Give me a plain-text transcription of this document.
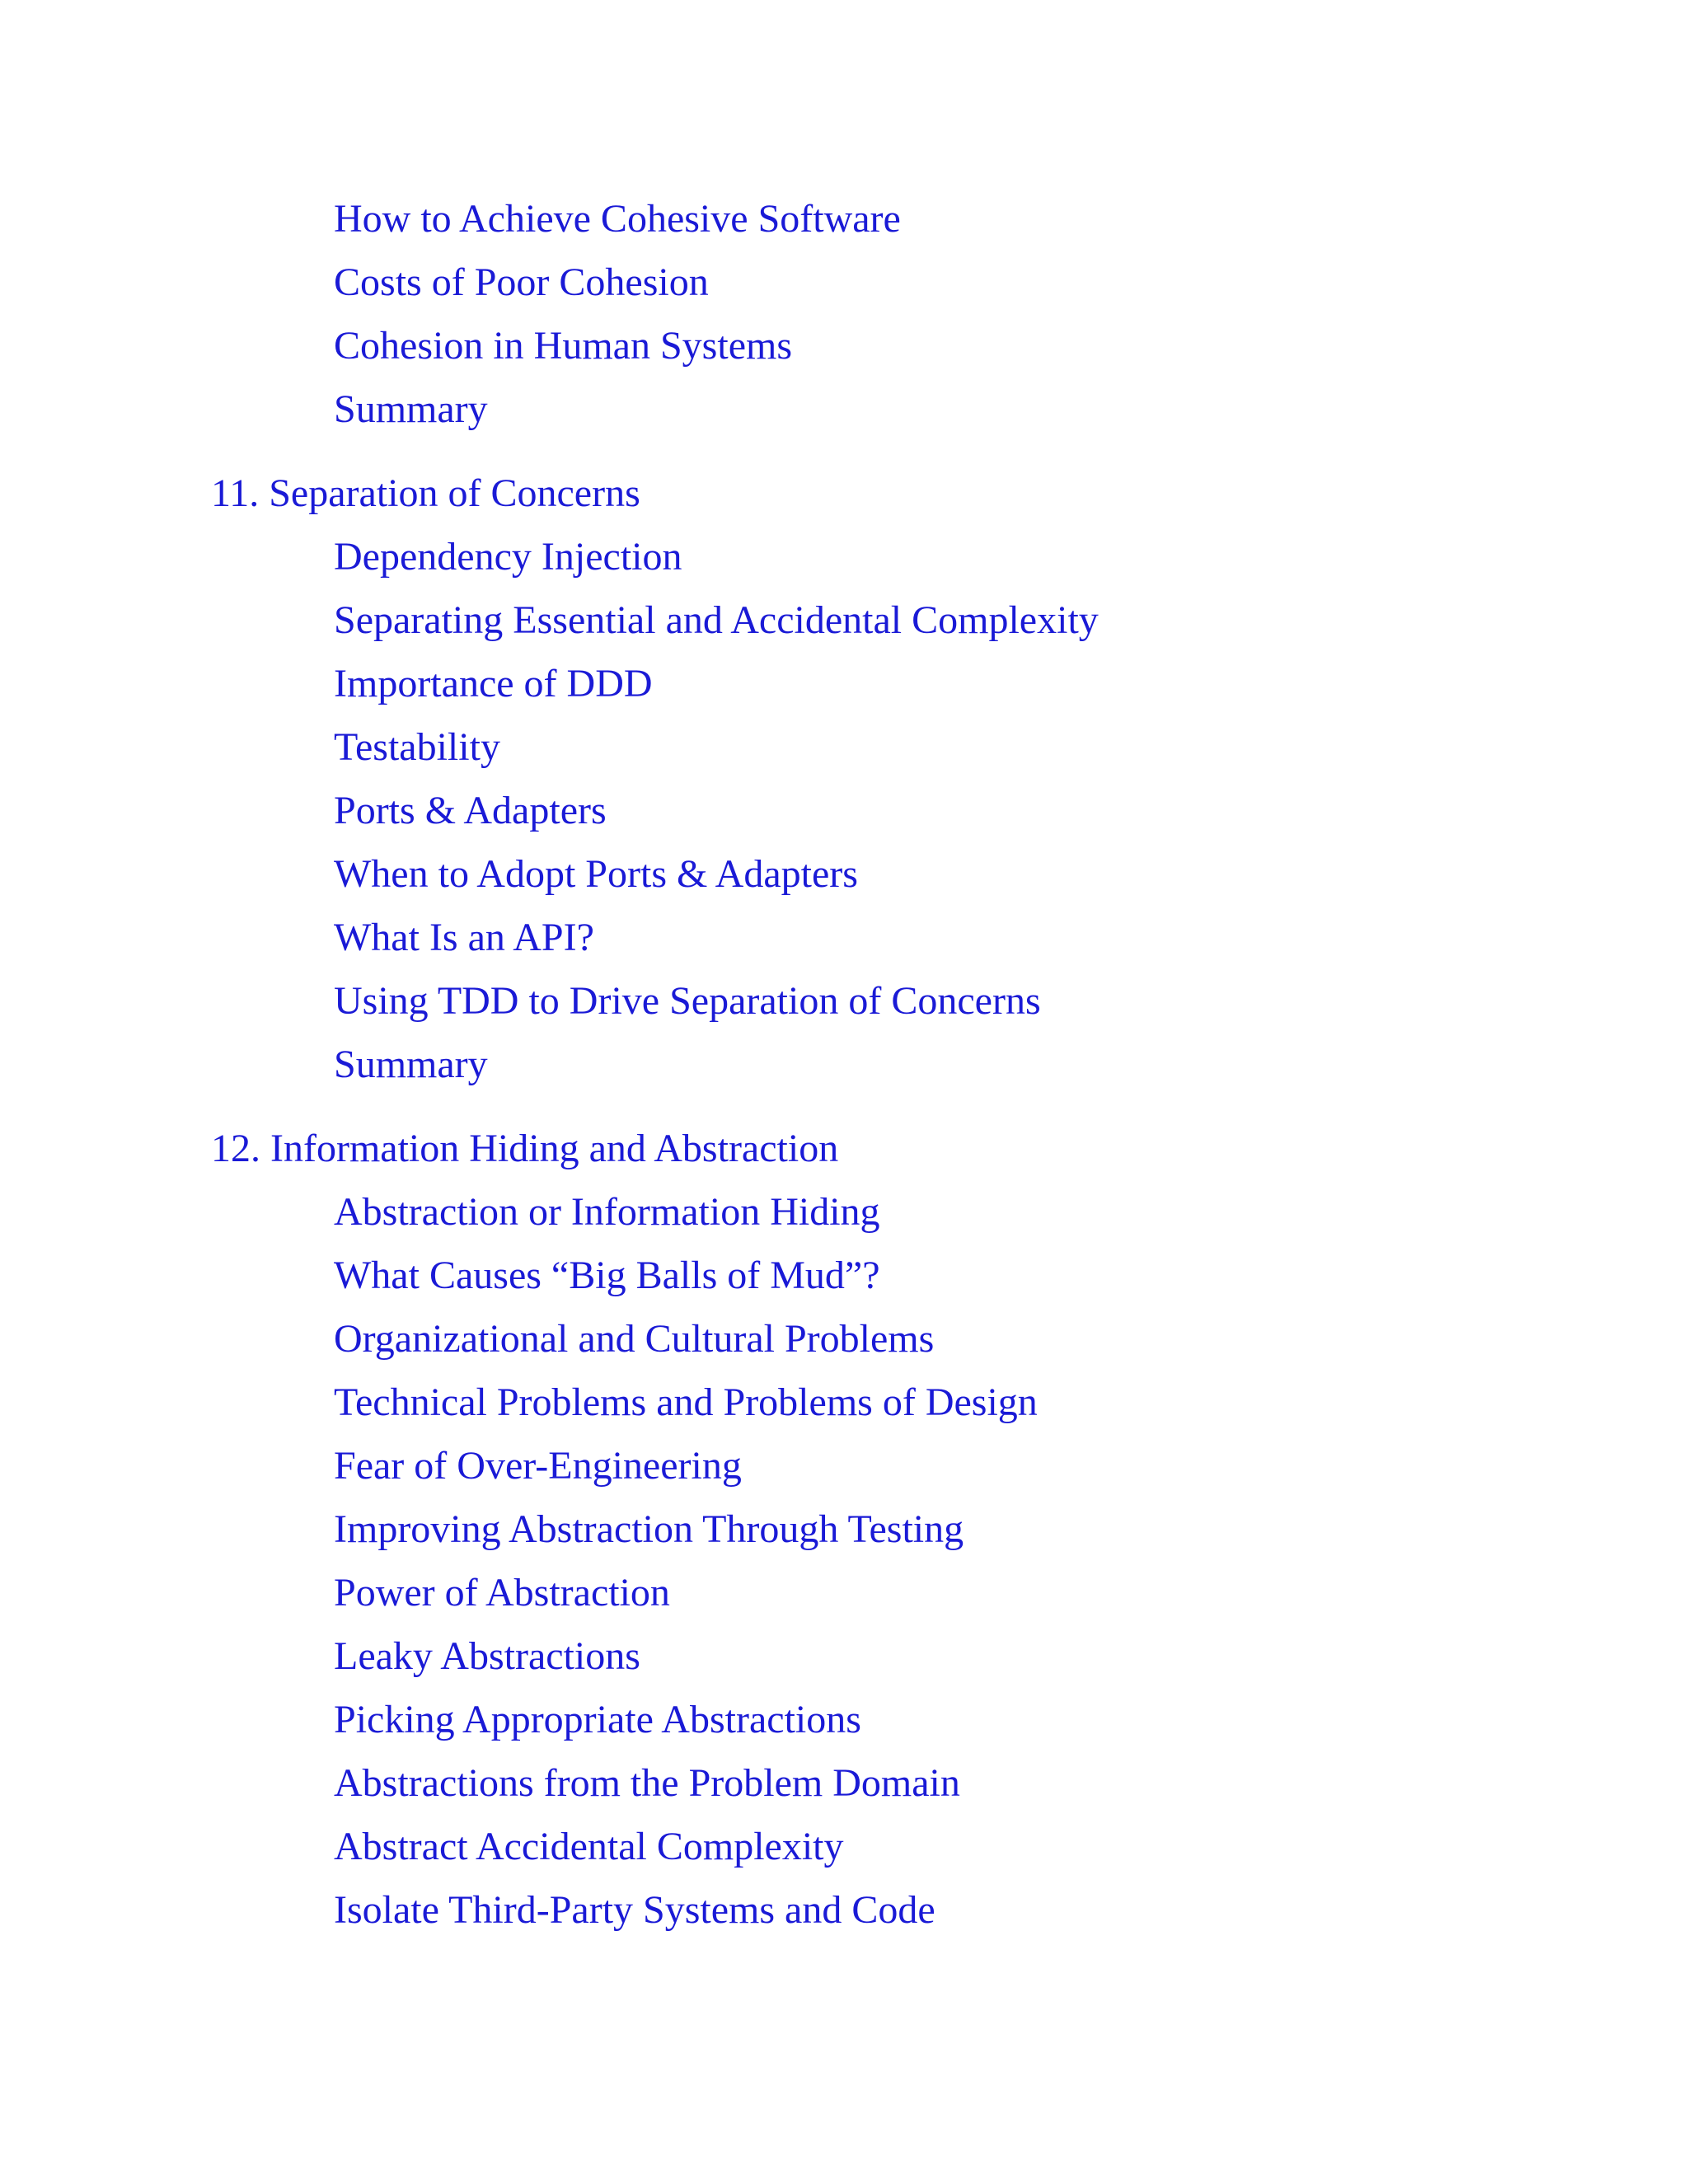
How to Achieve Cohesive Software
Costs of Poor Cohesion
Cohesion in Human Systems
Summary
11. Separation of Concerns
Dependency Injection
Separating Essential and Accidental Complexity
Importance of DDD
Testability
Ports & Adapters
When to Adopt Ports & Adapters
What Is an API?
Using TDD to Drive Separation of Concerns
Summary
12. Information Hiding and Abstraction
Abstraction or Information Hiding
What Causes “Big Balls of Mud”?
Organizational and Cultural Problems
Technical Problems and Problems of Design
Fear of Over-Engineering
Improving Abstraction Through Testing
Power of Abstraction
Leaky Abstractions
Picking Appropriate Abstractions
Abstractions from the Problem Domain
Abstract Accidental Complexity
Isolate Third-Party Systems and Code
